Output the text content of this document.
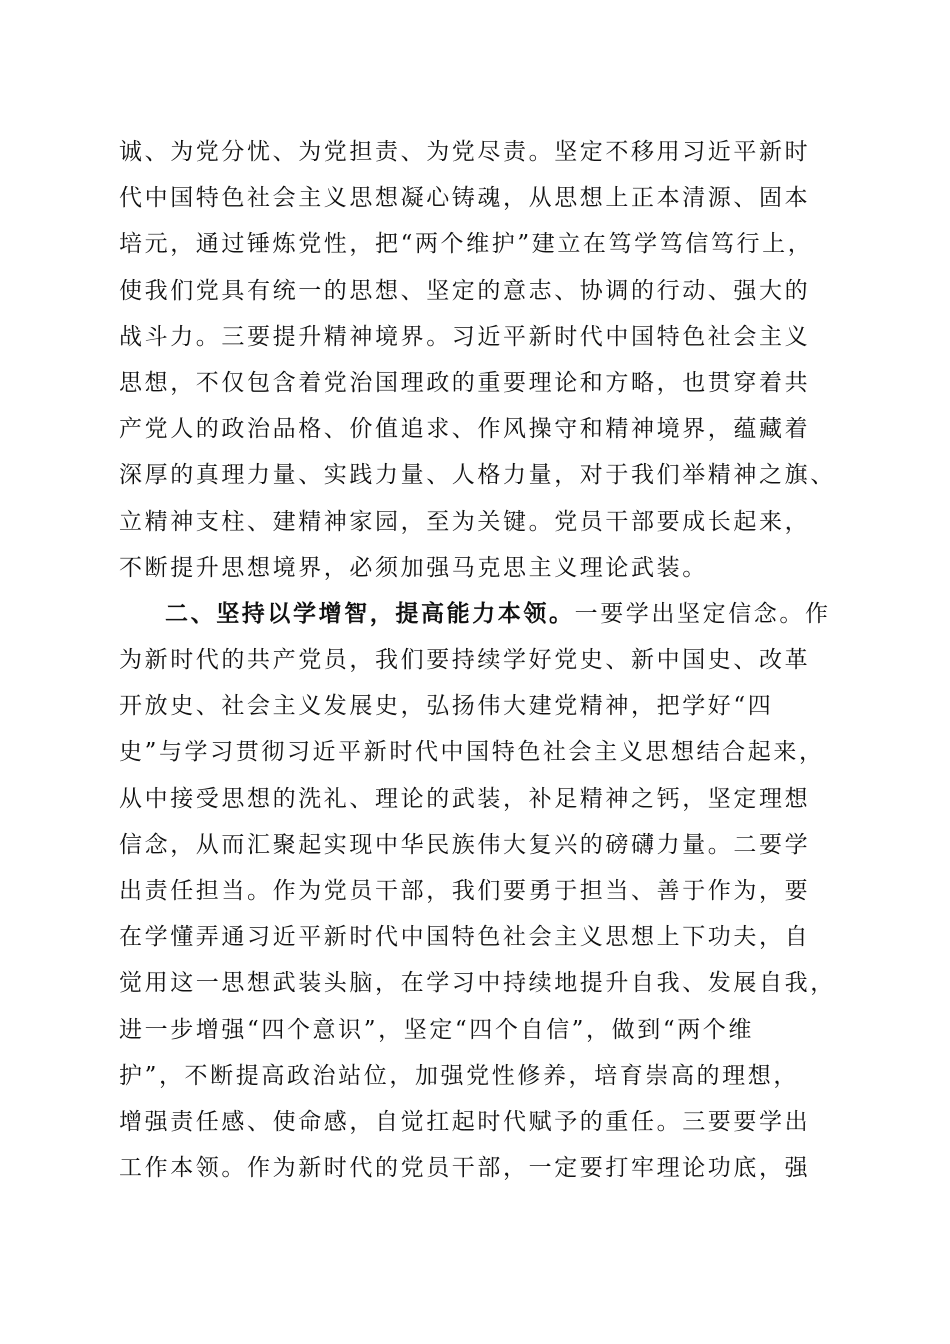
诚、为党分忧、为党担责、为党尽责。坚定不移用习近平新时
代中国特色社会主义思想凝心铸魂，从思想上正本清源、固本
培元，通过锤炼党性，把“两个维护”建立在笃学笃信笃行上，
使我们党具有统一的思想、坚定的意志、协调的行动、强大的
战斗力。三要提升精神境界。习近平新时代中国特色社会主义
思想，不仅包含着党治国理政的重要理论和方略，也贯穿着共
产党人的政治品格、价值追求、作风操守和精神境界，蕴藏着
深厚的真理力量、实践力量、人格力量，对于我们举精神之旗、
立精神支柱、建精神家园，至为关键。党员干部要成长起来，
不断提升思想境界，必须加强马克思主义理论武装。
二、坚持以学增智，提高能力本领。一要学出坚定信念。作
为新时代的共产党员，我们要持续学好党史、新中国史、改革
开放史、社会主义发展史，弘扬伟大建党精神，把学好“四
史”与学习贯彻习近平新时代中国特色社会主义思想结合起来，
从中接受思想的洗礼、理论的武装，补足精神之钙，坚定理想
信念，从而汇聚起实现中华民族伟大复兴的磅礴力量。二要学
出责任担当。作为党员干部，我们要勇于担当、善于作为，要
在学懂弄通习近平新时代中国特色社会主义思想上下功夫，自
觉用这一思想武装头脑，在学习中持续地提升自我、发展自我，
进一步增强“四个意识”，坚定“四个自信”，做到“两个维
护”，不断提高政治站位，加强党性修养，培育崇高的理想，
增强责任感、使命感，自觉扛起时代赋予的重任。三要要学出
工作本领。作为新时代的党员干部，一定要打牢理论功底，强
